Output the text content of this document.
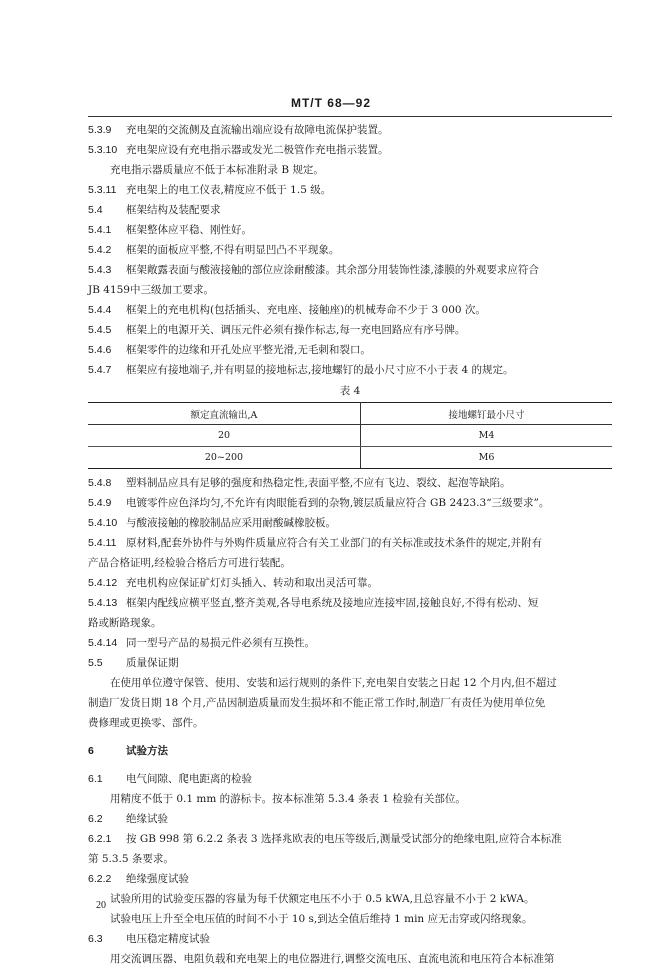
MT/T 68—92
5.3.9 充电架的交流侧及直流输出端应设有故障电流保护装置。
5.3.10 充电架应设有充电指示器或发光二极管作充电指示装置。
充电指示器质量应不低于本标准附录 B 规定。
5.3.11 充电架上的电工仪表,精度应不低于 1.5 级。
5.4 框架结构及装配要求
5.4.1 框架整体应平稳、刚性好。
5.4.2 框架的面板应平整,不得有明显凹凸不平现象。
5.4.3 框架敞露表面与酸液接触的部位应涂耐酸漆。其余部分用装饰性漆,漆膜的外观要求应符合
JB 4159中三级加工要求。
5.4.4 框架上的充电机构(包括插头、充电座、接触座)的机械寿命不少于 3 000 次。
5.4.5 框架上的电源开关、调压元件必须有操作标志,每一充电回路应有序号牌。
5.4.6 框架零件的边缘和开孔处应平整光滑,无毛刺和裂口。
5.4.7 框架应有接地端子,并有明显的接地标志,接地螺钉的最小尺寸应不小于表 4 的规定。
表 4
额定直流输出,A	接地螺钉最小尺寸
20	M4
20~200	M6
5.4.8 塑料制品应具有足够的强度和热稳定性,表面平整,不应有飞边、裂纹、起泡等缺陷。
5.4.9 电镀零件应色泽均匀,不允许有肉眼能看到的杂物,镀层质量应符合 GB 2423.3“三级要求”。
5.4.10 与酸液接触的橡胶制品应采用耐酸碱橡胶板。
5.4.11 原材料,配套外协件与外购件质量应符合有关工业部门的有关标准或技术条件的规定,并附有
产品合格证明,经检验合格后方可进行装配。
5.4.12 充电机构应保证矿灯灯头插入、转动和取出灵活可靠。
5.4.13 框架内配线应横平竖直,整齐美观,各导电系统及接地应连接牢固,接触良好,不得有松动、短
路或断路现象。
5.4.14 同一型号产品的易损元件必须有互换性。
5.5 质量保证期
在使用单位遵守保管、使用、安装和运行规则的条件下,充电架自安装之日起 12 个月内,但不超过
制造厂发货日期 18 个月,产品因制造质量而发生损坏和不能正常工作时,制造厂有责任为使用单位免
费修理或更换零、部件。
6	试验方法
6.1 电气间隙、爬电距离的检验
用精度不低于 0.1 mm 的游标卡。按本标准第 5.3.4 条表 1 检验有关部位。
6.2 绝缘试验
6.2.1 按 GB 998 第 6.2.2 条表 3 选择兆欧表的电压等级后,测量受试部分的绝缘电阻,应符合本标准
第 5.3.5 条要求。
6.2.2 绝缘强度试验
试验所用的试验变压器的容量为每千伏额定电压不小于 0.5 kWA,且总容量不小于 2 kWA。
试验电压上升至全电压值的时间不小于 10 s,到达全值后维持 1 min 应无击穿或闪络现象。
6.3 电压稳定精度试验
用交流调压器、电阻负载和充电架上的电位器进行,调整交流电压、直流电流和电压符合本标准第
20
